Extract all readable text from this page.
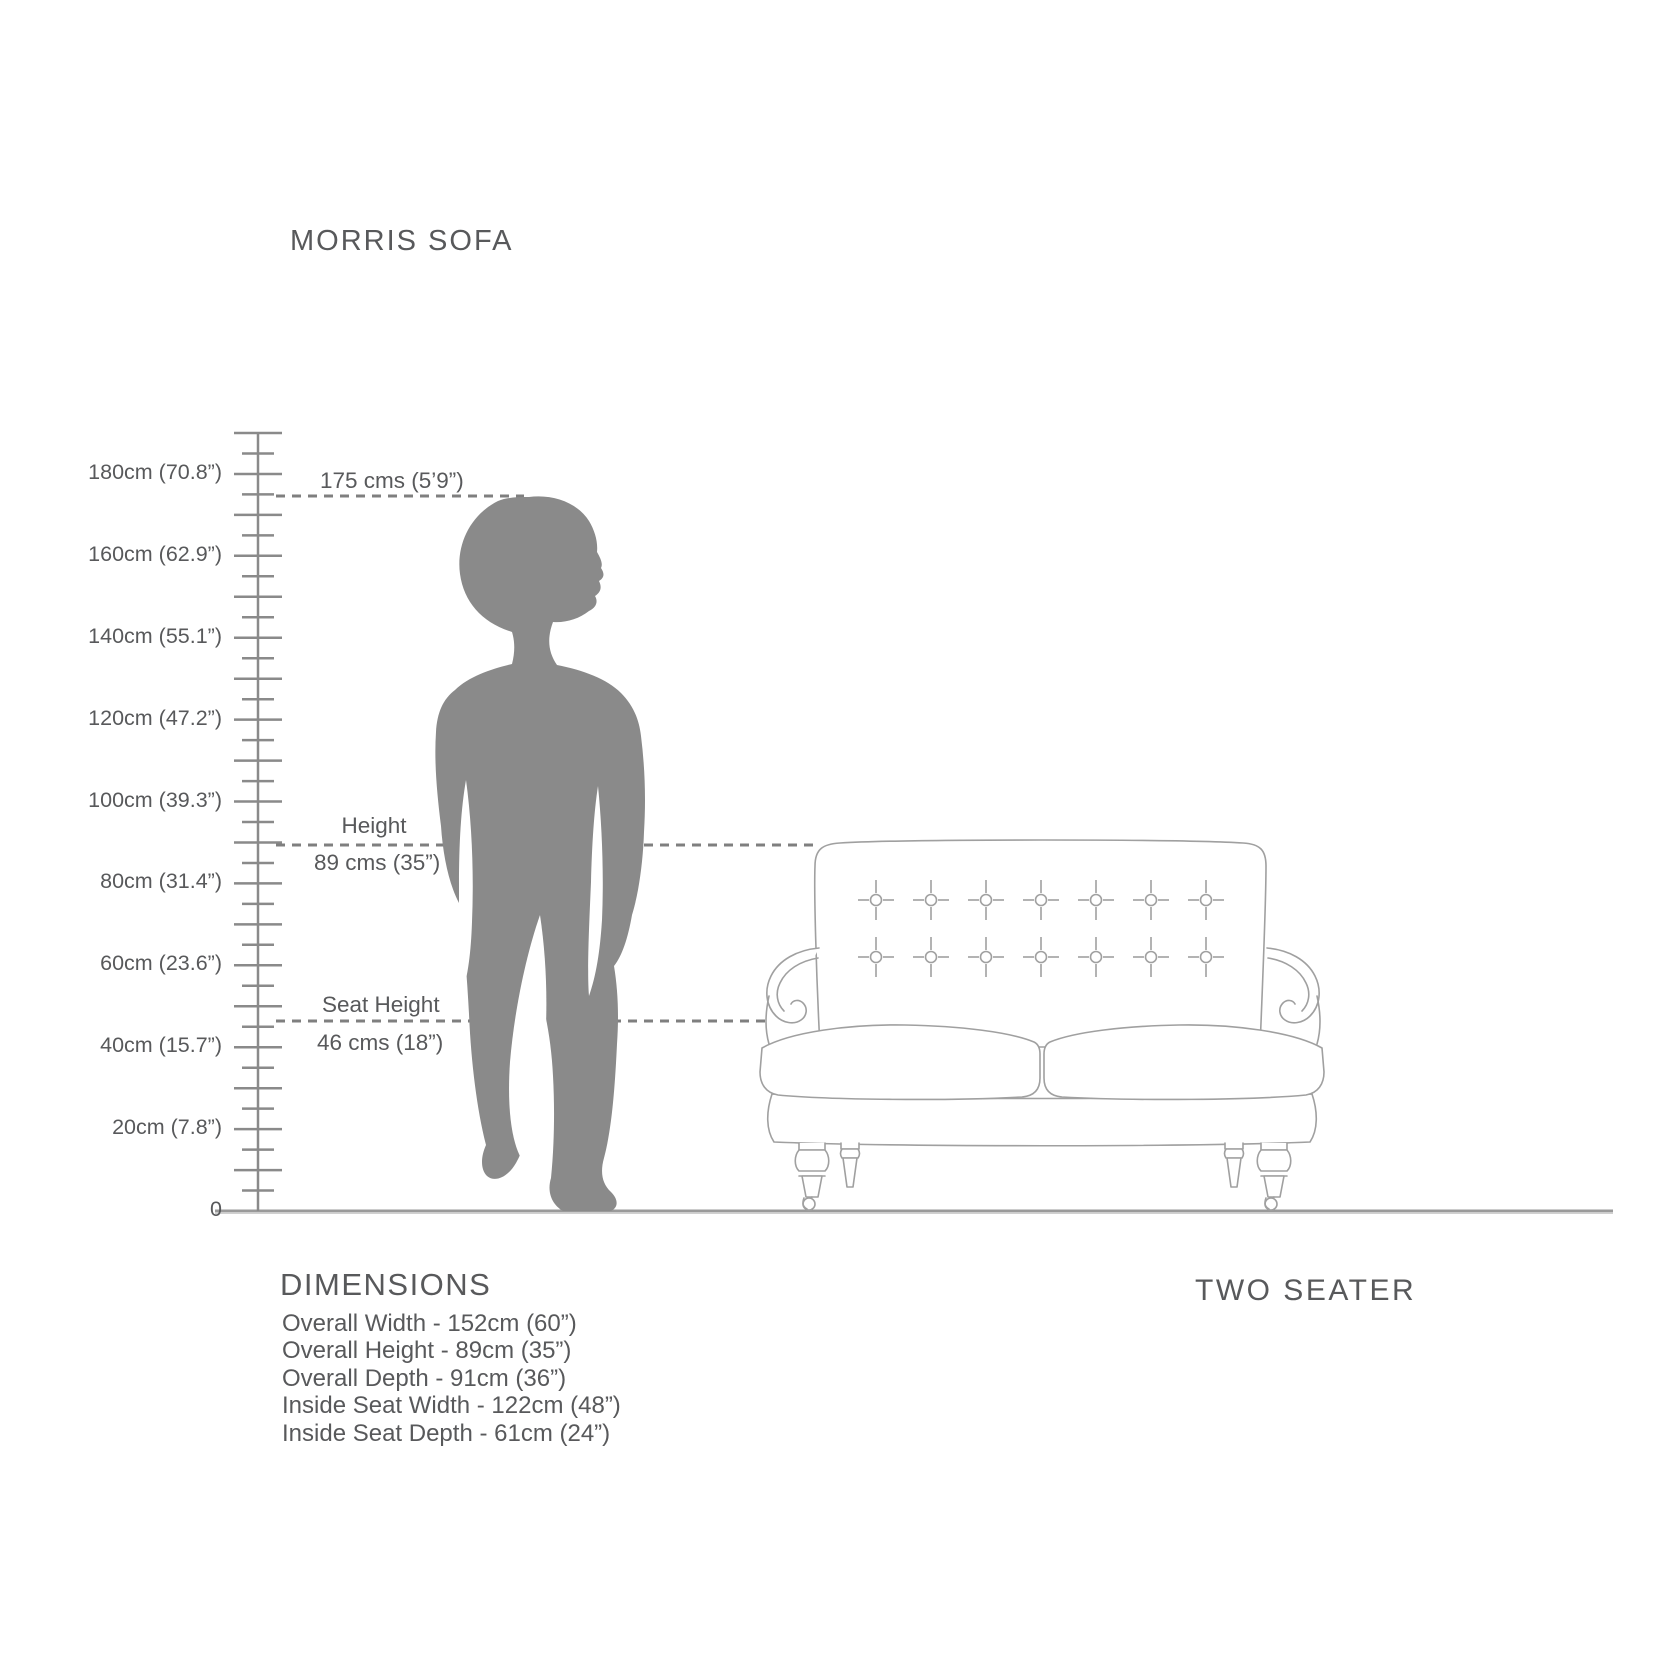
MORRIS SOFA
180cm (70.8”)
160cm (62.9”)
140cm (55.1”)
120cm (47.2”)
100cm (39.3”)
80cm (31.4”)
60cm (23.6”)
40cm (15.7”)
20cm (7.8”)
0
175 cms (5’9”)
Height
89 cms (35”)
Seat Height
46 cms (18”)
DIMENSIONS
Overall Width - 152cm (60”)
Overall Height - 89cm (35”)
Overall Depth - 91cm (36”)
Inside Seat Width - 122cm (48”)
Inside Seat Depth - 61cm (24”)
TWO SEATER
